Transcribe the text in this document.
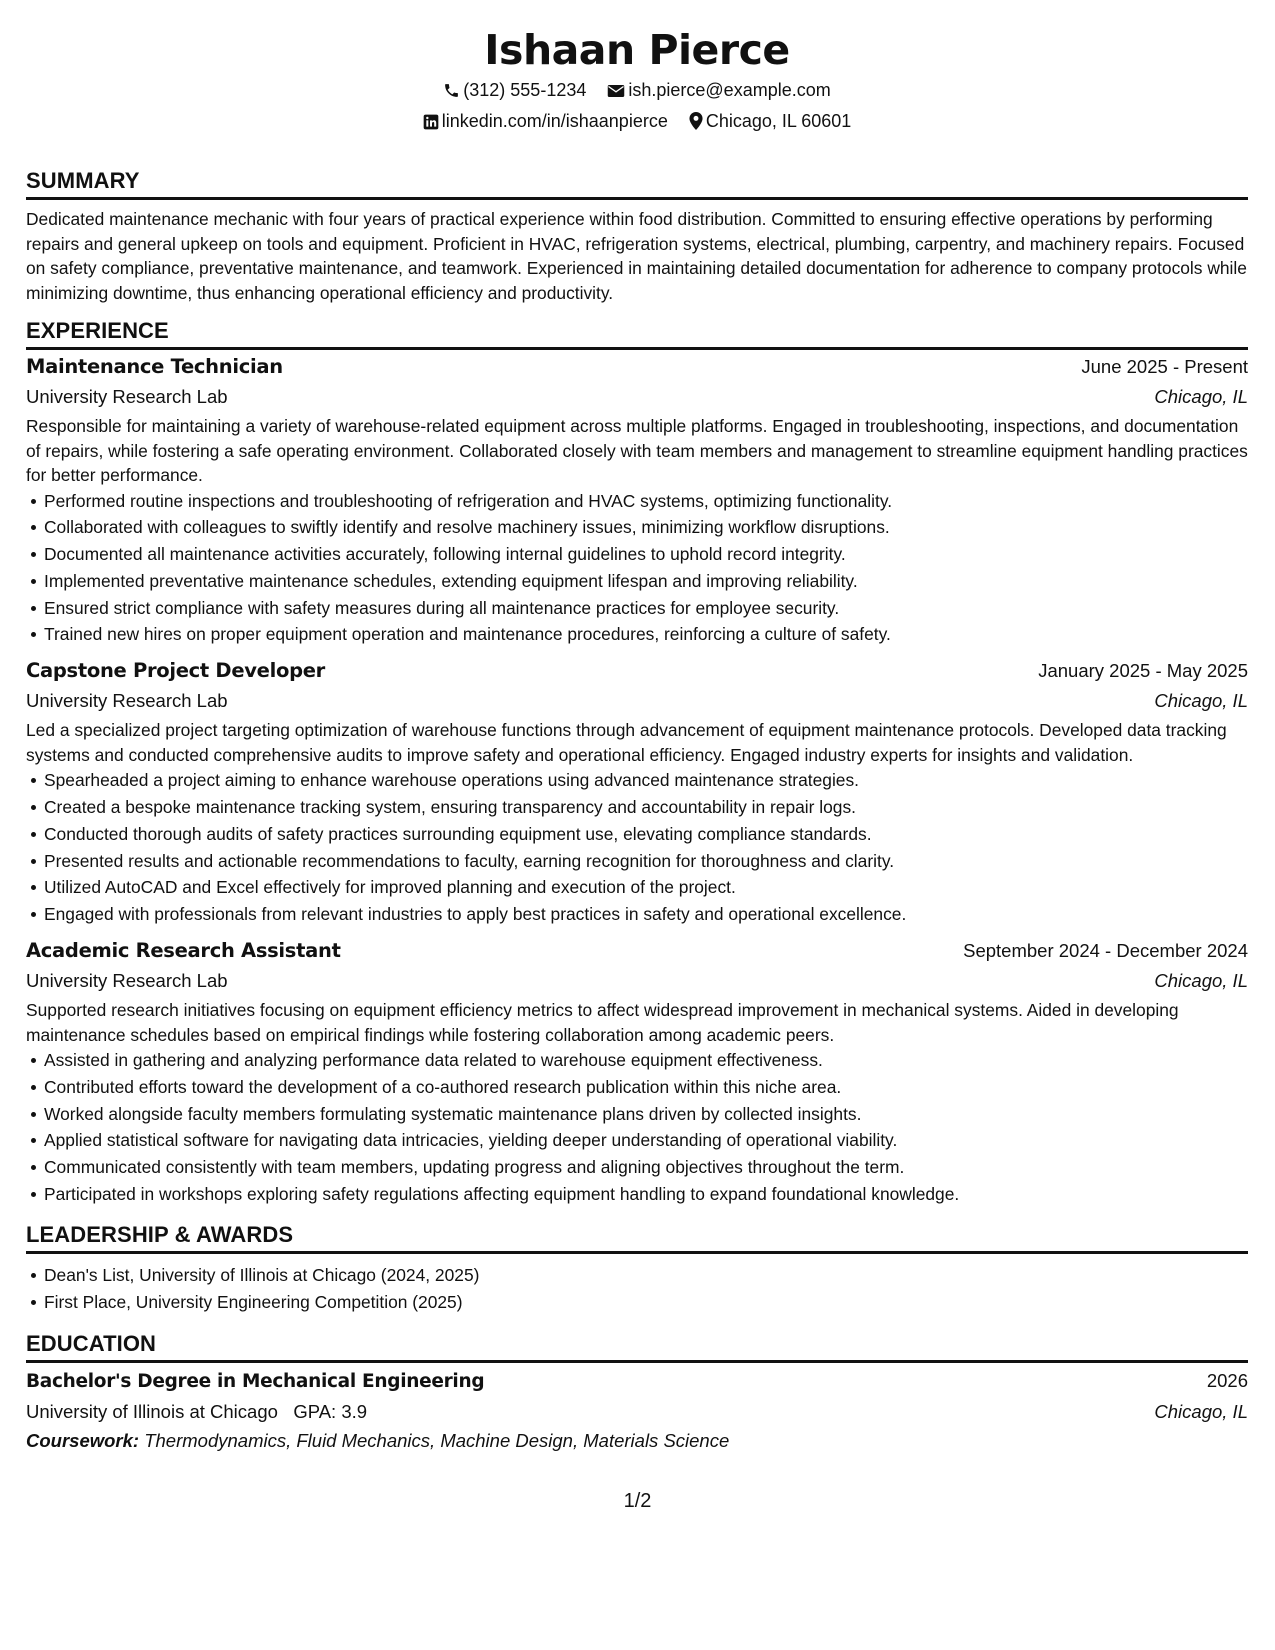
Ishaan Pierce
(312) 555-1234 ish.pierce@example.com
linkedin.com/in/ishaanpierce Chicago, IL 60601
SUMMARY

Dedicated maintenance mechanic with four years of practical experience within food distribution. Committed to ensuring effective operations by performing repairs and general upkeep on tools and equipment. Proficient in HVAC, refrigeration systems, electrical, plumbing, carpentry, and machinery repairs. Focused on safety compliance, preventative maintenance, and teamwork. Experienced in maintaining detailed documentation for adherence to company protocols while minimizing downtime, thus enhancing operational efficiency and productivity.

EXPERIENCE
Maintenance Technician	June 2025 - Present
University Research Lab	Chicago, IL

Responsible for maintaining a variety of warehouse-related equipment across multiple platforms. Engaged in troubleshooting, inspections, and documentation of repairs, while fostering a safe operating environment. Collaborated closely with team members and management to streamline equipment handling practices for better performance.

Performed routine inspections and troubleshooting of refrigeration and HVAC systems, optimizing functionality.
Collaborated with colleagues to swiftly identify and resolve machinery issues, minimizing workflow disruptions.
Documented all maintenance activities accurately, following internal guidelines to uphold record integrity.
Implemented preventative maintenance schedules, extending equipment lifespan and improving reliability.
Ensured strict compliance with safety measures during all maintenance practices for employee security.
Trained new hires on proper equipment operation and maintenance procedures, reinforcing a culture of safety.
Capstone Project Developer	January 2025 - May 2025
University Research Lab	Chicago, IL

Led a specialized project targeting optimization of warehouse functions through advancement of equipment maintenance protocols. Developed data tracking systems and conducted comprehensive audits to improve safety and operational efficiency. Engaged industry experts for insights and validation.

Spearheaded a project aiming to enhance warehouse operations using advanced maintenance strategies.
Created a bespoke maintenance tracking system, ensuring transparency and accountability in repair logs.
Conducted thorough audits of safety practices surrounding equipment use, elevating compliance standards.
Presented results and actionable recommendations to faculty, earning recognition for thoroughness and clarity.
Utilized AutoCAD and Excel effectively for improved planning and execution of the project.
Engaged with professionals from relevant industries to apply best practices in safety and operational excellence.
Academic Research Assistant	September 2024 - December 2024
University Research Lab	Chicago, IL

Supported research initiatives focusing on equipment efficiency metrics to affect widespread improvement in mechanical systems. Aided in developing maintenance schedules based on empirical findings while fostering collaboration among academic peers.

Assisted in gathering and analyzing performance data related to warehouse equipment effectiveness.
Contributed efforts toward the development of a co-authored research publication within this niche area.
Worked alongside faculty members formulating systematic maintenance plans driven by collected insights.
Applied statistical software for navigating data intricacies, yielding deeper understanding of operational viability.
Communicated consistently with team members, updating progress and aligning objectives throughout the term.
Participated in workshops exploring safety regulations affecting equipment handling to expand foundational knowledge.
LEADERSHIP & AWARDS
Dean's List, University of Illinois at Chicago (2024, 2025)
First Place, University Engineering Competition (2025)
EDUCATION
Bachelor's Degree in Mechanical Engineering	2026
University of Illinois at Chicago GPA: 3.9	Chicago, IL
Coursework: Thermodynamics, Fluid Mechanics, Machine Design, Materials Science
1/2
